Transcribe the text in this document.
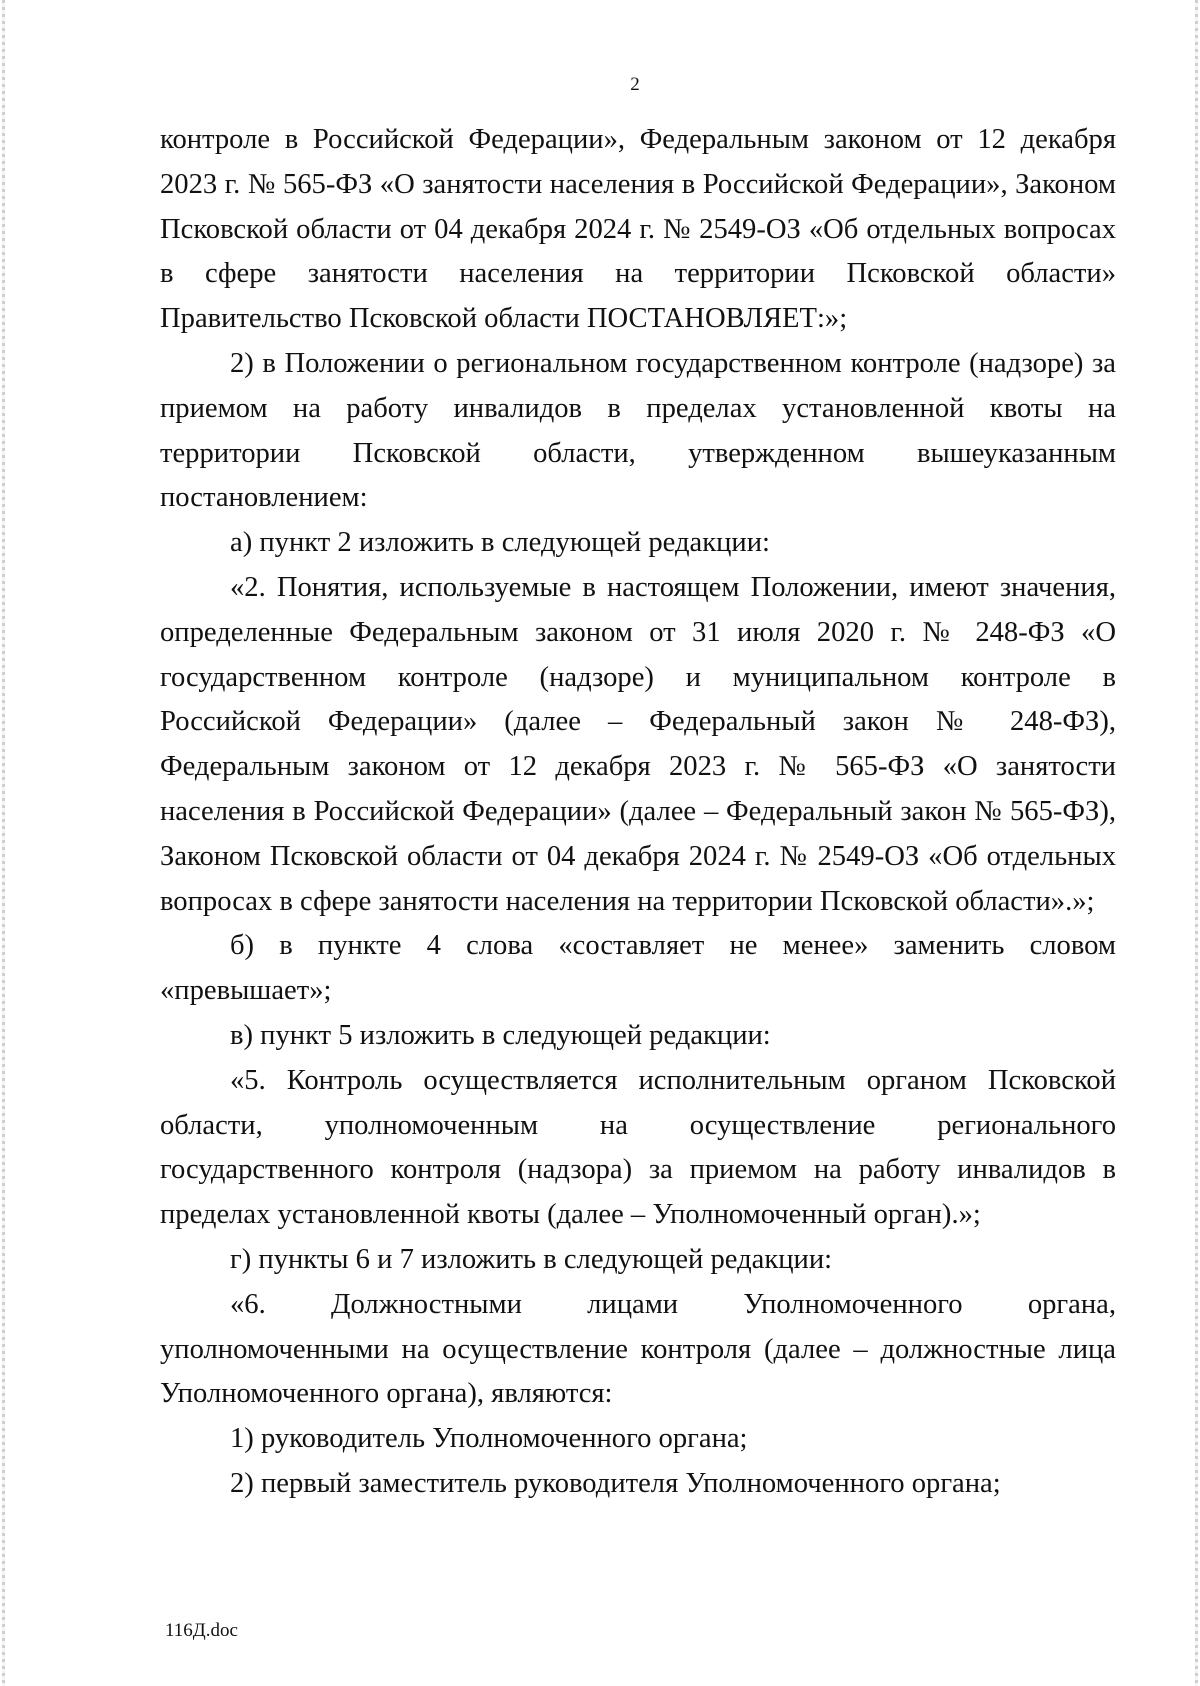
2

контроле в Российской Федерации», Федеральным законом от 12 декабря 2023 г. № 565-ФЗ «О занятости населения в Российской Федерации», Законом Псковской области от 04 декабря 2024 г. № 2549-ОЗ «Об отдельных вопросах в сфере занятости населения на территории Псковской области» Правительство Псковской области ПОСТАНОВЛЯЕТ:»;

2) в Положении о региональном государственном контроле (надзоре) за приемом на работу инвалидов в пределах установленной квоты на территории Псковской области, утвержденном вышеуказанным постановлением:

а) пункт 2 изложить в следующей редакции:

«2. Понятия, используемые в настоящем Положении, имеют значения, определенные Федеральным законом от 31 июля 2020 г. № 248-ФЗ «О государственном контроле (надзоре) и муниципальном контроле в Российской Федерации» (далее – Федеральный закон № 248-ФЗ), Федеральным законом от 12 декабря 2023 г. № 565-ФЗ «О занятости населения в Российской Федерации» (далее – Федеральный закон № 565-ФЗ), Законом Псковской области от 04 декабря 2024 г. № 2549-ОЗ «Об отдельных вопросах в сфере занятости населения на территории Псковской области».»;

б) в пункте 4 слова «составляет не менее» заменить словом «превышает»;

в) пункт 5 изложить в следующей редакции:

«5. Контроль осуществляется исполнительным органом Псковской области, уполномоченным на осуществление регионального государственного контроля (надзора) за приемом на работу инвалидов в пределах установленной квоты (далее – Уполномоченный орган).»;

г) пункты 6 и 7 изложить в следующей редакции:

«6. Должностными лицами Уполномоченного органа, уполномоченными на осуществление контроля (далее – должностные лица Уполномоченного органа), являются:

1) руководитель Уполномоченного органа;

2) первый заместитель руководителя Уполномоченного органа;

116Д.doc
